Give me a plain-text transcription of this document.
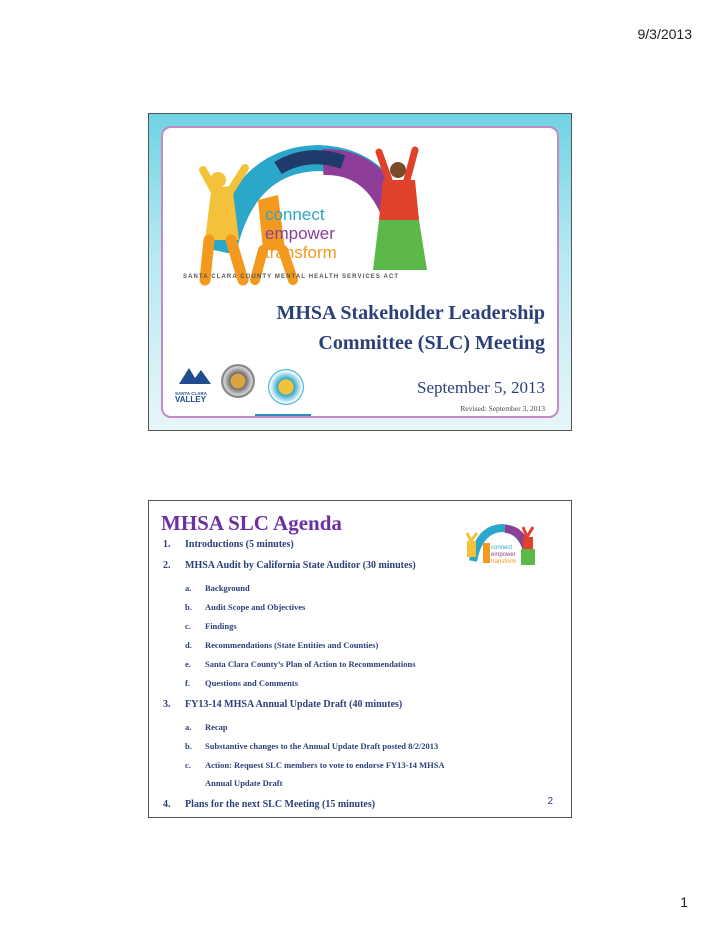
9/3/2013
connect
empower
transform
SANTA CLARA COUNTY MENTAL HEALTH SERVICES ACT
MHSA Stakeholder Leadership
Committee (SLC) Meeting
SANTA CLARA
VALLEY
September 5, 2013
Revised: September 3, 2013
MHSA SLC Agenda
connect
empower
transform
1. Introductions (5 minutes)
2. MHSA Audit by California State Auditor (30 minutes)
a. Background
b. Audit Scope and Objectives
c. Findings
d. Recommendations (State Entities and Counties)
e. Santa Clara County’s Plan of Action to Recommendations
f. Questions and Comments
3. FY13-14 MHSA Annual Update Draft (40 minutes)
a. Recap
b. Substantive changes to the Annual Update Draft posted 8/2/2013
c. Action: Request SLC members to vote to endorse FY13-14 MHSA
Annual Update Draft
4. Plans for the next SLC Meeting (15 minutes)	2
1
